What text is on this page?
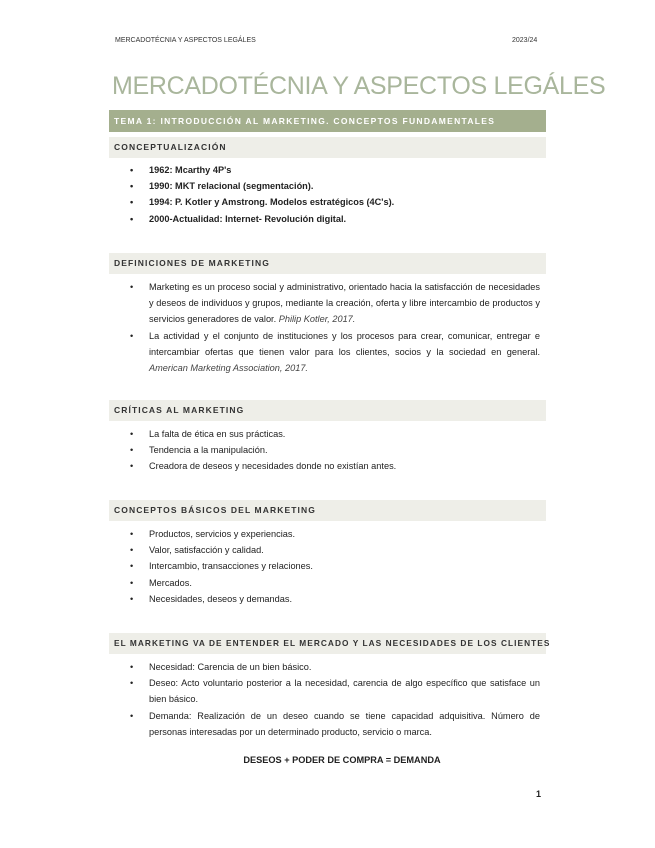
MERCADOTÉCNIA Y ASPECTOS LEGÁLES	2023/24
MERCADOTÉCNIA Y ASPECTOS LEGÁLES
TEMA 1: INTRODUCCIÓN AL MARKETING. CONCEPTOS FUNDAMENTALES
CONCEPTUALIZACIÓN
• 1962: Mcarthy 4P's
• 1990: MKT relacional (segmentación).
• 1994: P. Kotler y Amstrong. Modelos estratégicos (4C's).
• 2000-Actualidad: Internet- Revolución digital.
DEFINICIONES DE MARKETING
• Marketing es un proceso social y administrativo, orientado hacia la satisfacción de necesidades y deseos de individuos y grupos, mediante la creación, oferta y libre intercambio de productos y servicios generadores de valor. Philip Kotler, 2017.
• La actividad y el conjunto de instituciones y los procesos para crear, comunicar, entregar e intercambiar ofertas que tienen valor para los clientes, socios y la sociedad en general. American Marketing Association, 2017.
CRÍTICAS AL MARKETING
• La falta de ética en sus prácticas.
• Tendencia a la manipulación.
• Creadora de deseos y necesidades donde no existían antes.
CONCEPTOS BÁSICOS DEL MARKETING
• Productos, servicios y experiencias.
• Valor, satisfacción y calidad.
• Intercambio, transacciones y relaciones.
• Mercados.
• Necesidades, deseos y demandas.
EL MARKETING VA DE ENTENDER EL MERCADO Y LAS NECESIDADES DE LOS CLIENTES
• Necesidad: Carencia de un bien básico.
• Deseo: Acto voluntario posterior a la necesidad, carencia de algo específico que satisface un bien básico.
• Demanda: Realización de un deseo cuando se tiene capacidad adquisitiva. Número de personas interesadas por un determinado producto, servicio o marca.
DESEOS + PODER DE COMPRA = DEMANDA
1
